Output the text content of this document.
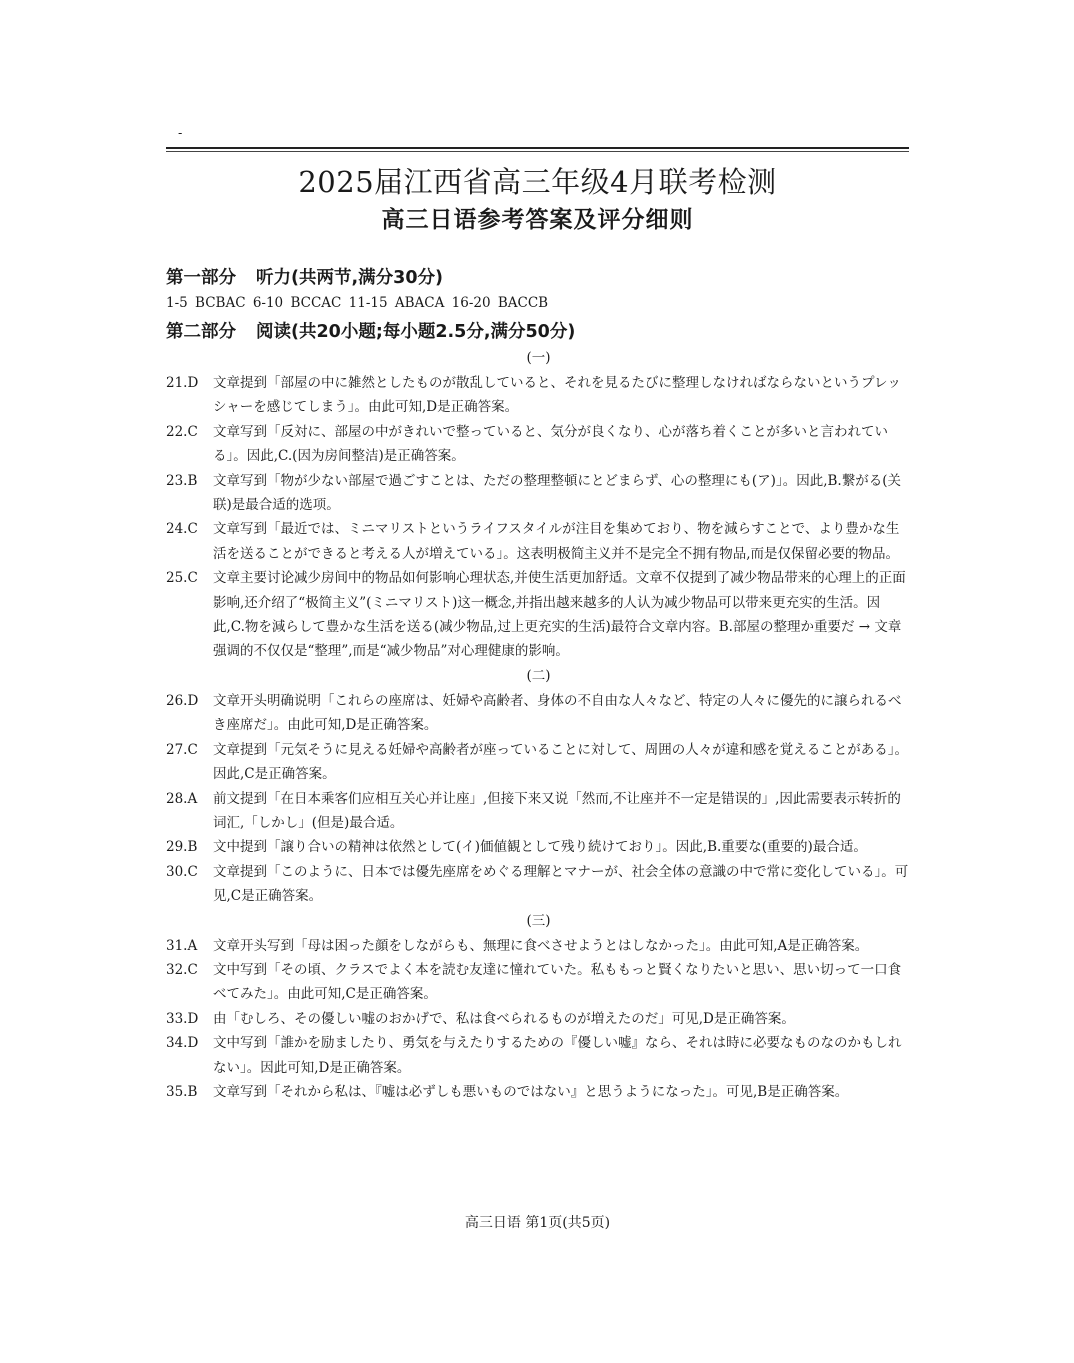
-
2025届江西省高三年级4月联考检测
高三日语参考答案及评分细则
第一部分 听力(共两节,满分30分)
1-5 BCBAC 6-10 BCCAC 11-15 ABACA 16-20 BACCB
第二部分 阅读(共20小题;每小题2.5分,满分50分)
(一)
21.D	文章提到「部屋の中に雑然としたものが散乱していると、それを見るたびに整理しなければならないというプレッシャーを感じてしまう」。由此可知,D是正确答案。
22.C	文章写到「反対に、部屋の中がきれいで整っていると、気分が良くなり、心が落ち着くことが多いと言われている」。因此,C.(因为房间整洁)是正确答案。
23.B	文章写到「物が少ない部屋で過ごすことは、ただの整理整頓にとどまらず、心の整理にも(ア)」。因此,B.繋がる(关联)是最合适的选项。
24.C	文章写到「最近では、ミニマリストというライフスタイルが注目を集めており、物を減らすことで、より豊かな生活を送ることができると考える人が増えている」。这表明极简主义并不是完全不拥有物品,而是仅保留必要的物品。
25.C	文章主要讨论减少房间中的物品如何影响心理状态,并使生活更加舒适。文章不仅提到了减少物品带来的心理上的正面影响,还介绍了“极简主义”(ミニマリスト)这一概念,并指出越来越多的人认为减少物品可以带来更充实的生活。因此,C.物を減らして豊かな生活を送る(减少物品,过上更充实的生活)最符合文章内容。B.部屋の整理か重要だ → 文章强调的不仅仅是“整理”,而是“减少物品”对心理健康的影响。
(二)
26.D	文章开头明确说明「これらの座席は、妊婦や高齢者、身体の不自由な人々など、特定の人々に優先的に譲られるべき座席だ」。由此可知,D是正确答案。
27.C	文章提到「元気そうに見える妊婦や高齢者が座っていることに対して、周囲の人々が違和感を覚えることがある」。因此,C是正确答案。
28.A	前文提到「在日本乘客们应相互关心并让座」,但接下来又说「然而,不让座并不一定是错误的」,因此需要表示转折的词汇,「しかし」(但是)最合适。
29.B	文中提到「譲り合いの精神は依然として(イ)価値観として残り続けており」。因此,B.重要な(重要的)最合适。
30.C	文章提到「このように、日本では優先座席をめぐる理解とマナーが、社会全体の意識の中で常に変化している」。可见,C是正确答案。
(三)
31.A	文章开头写到「母は困った顔をしながらも、無理に食べさせようとはしなかった」。由此可知,A是正确答案。
32.C	文中写到「その頃、クラスでよく本を読む友達に憧れていた。私ももっと賢くなりたいと思い、思い切って一口食べてみた」。由此可知,C是正确答案。
33.D	由「むしろ、その優しい嘘のおかげで、私は食べられるものが増えたのだ」可见,D是正确答案。
34.D	文中写到「誰かを励ましたり、勇気を与えたりするための『優しい嘘』なら、それは時に必要なものなのかもしれない」。因此可知,D是正确答案。
35.B	文章写到「それから私は、『嘘は必ずしも悪いものではない』と思うようになった」。可见,B是正确答案。
高三日语 第1页(共5页)
